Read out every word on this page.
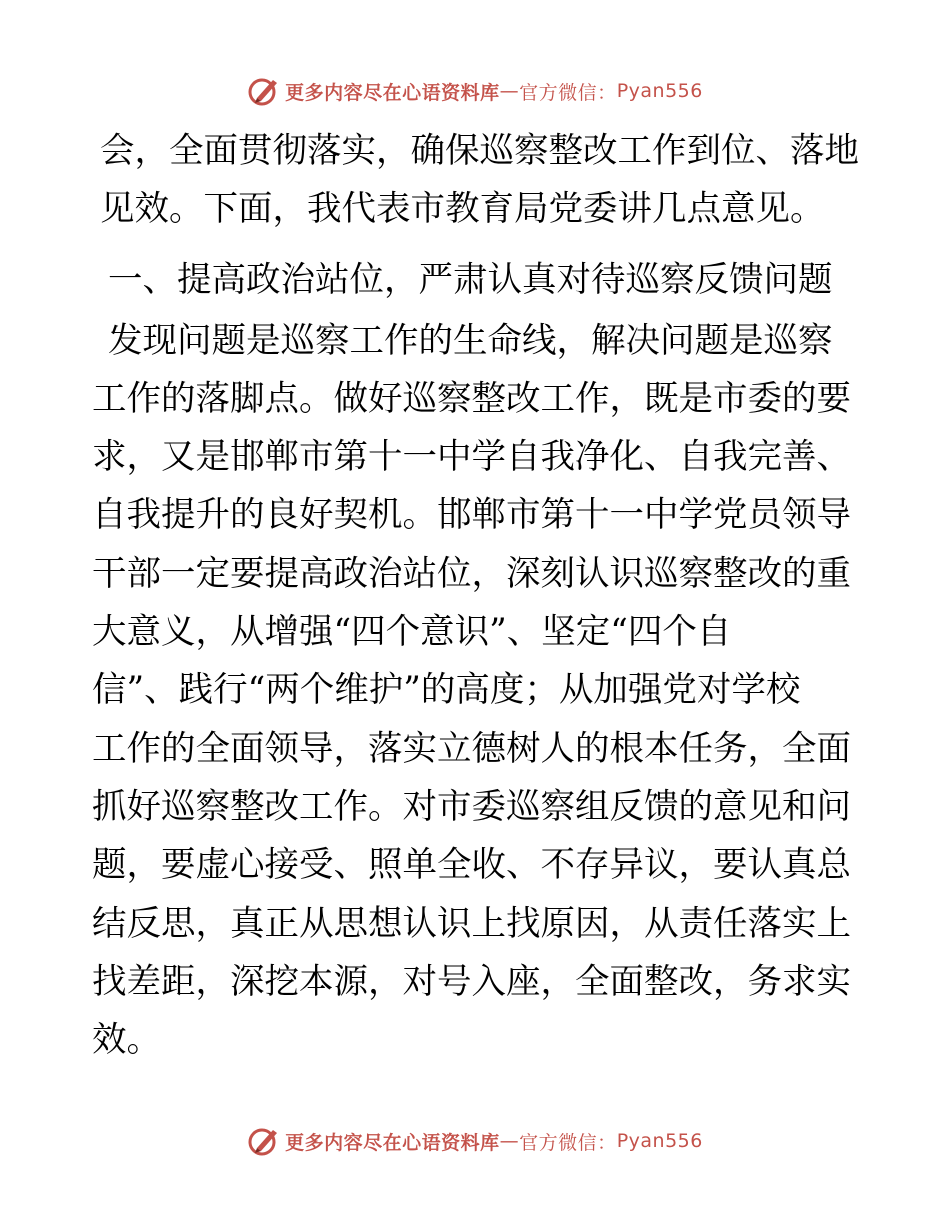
更多内容尽在心语资料库 — 官方微信： Pyan556

会，全面贯彻落实，确保巡察整改工作到位、落地
见效。下面，我代表市教育局党委讲几点意见。

一、提高政治站位，严肃认真对待巡察反馈问题

发现问题是巡察工作的生命线，解决问题是巡察
工作的落脚点。做好巡察整改工作，既是市委的要
求，又是邯郸市第十一中学自我净化、自我完善、
自我提升的良好契机。邯郸市第十一中学党员领导
干部一定要提高政治站位，深刻认识巡察整改的重
大意义，从增强“四个意识”、坚定“四个自
信”、践行“两个维护”的高度；从加强党对学校
工作的全面领导，落实立德树人的根本任务，全面
抓好巡察整改工作。对市委巡察组反馈的意见和问
题，要虚心接受、照单全收、不存异议，要认真总
结反思，真正从思想认识上找原因，从责任落实上
找差距，深挖本源，对号入座，全面整改，务求实
效。

更多内容尽在心语资料库 — 官方微信： Pyan556
